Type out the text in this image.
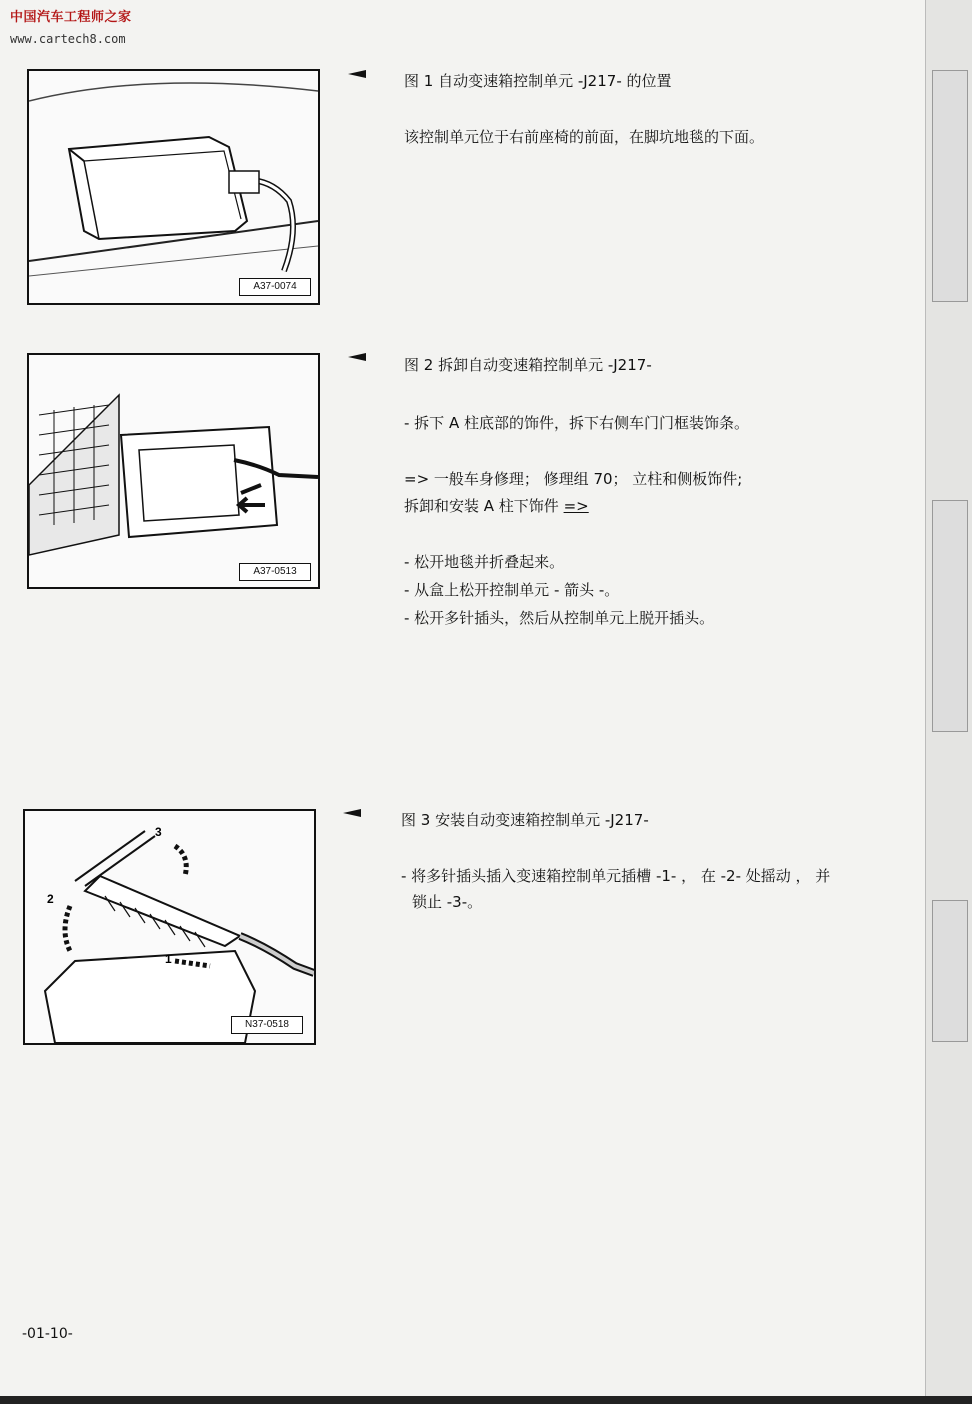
中国汽车工程师之家
www.cartech8.com
A37-0074
图 1 自动变速箱控制单元 -J217- 的位置
该控制单元位于右前座椅的前面，在脚坑地毯的下面。
A37-0513
图 2 拆卸自动变速箱控制单元 -J217-
- 拆下 A 柱底部的饰件，拆下右侧车门门框装饰条。
=> 一般车身修理； 修理组 70； 立柱和侧板饰件;
拆卸和安装 A 柱下饰件 =>
- 松开地毯并折叠起来。
- 从盒上松开控制单元 - 箭头 -。
- 松开多针插头，然后从控制单元上脱开插头。
3
2
1
N37-0518
图 3 安装自动变速箱控制单元 -J217-
- 将多针插头插入变速箱控制单元插槽 -1- ， 在 -2- 处摇动 ， 并
锁止 -3-。
-01-10-
